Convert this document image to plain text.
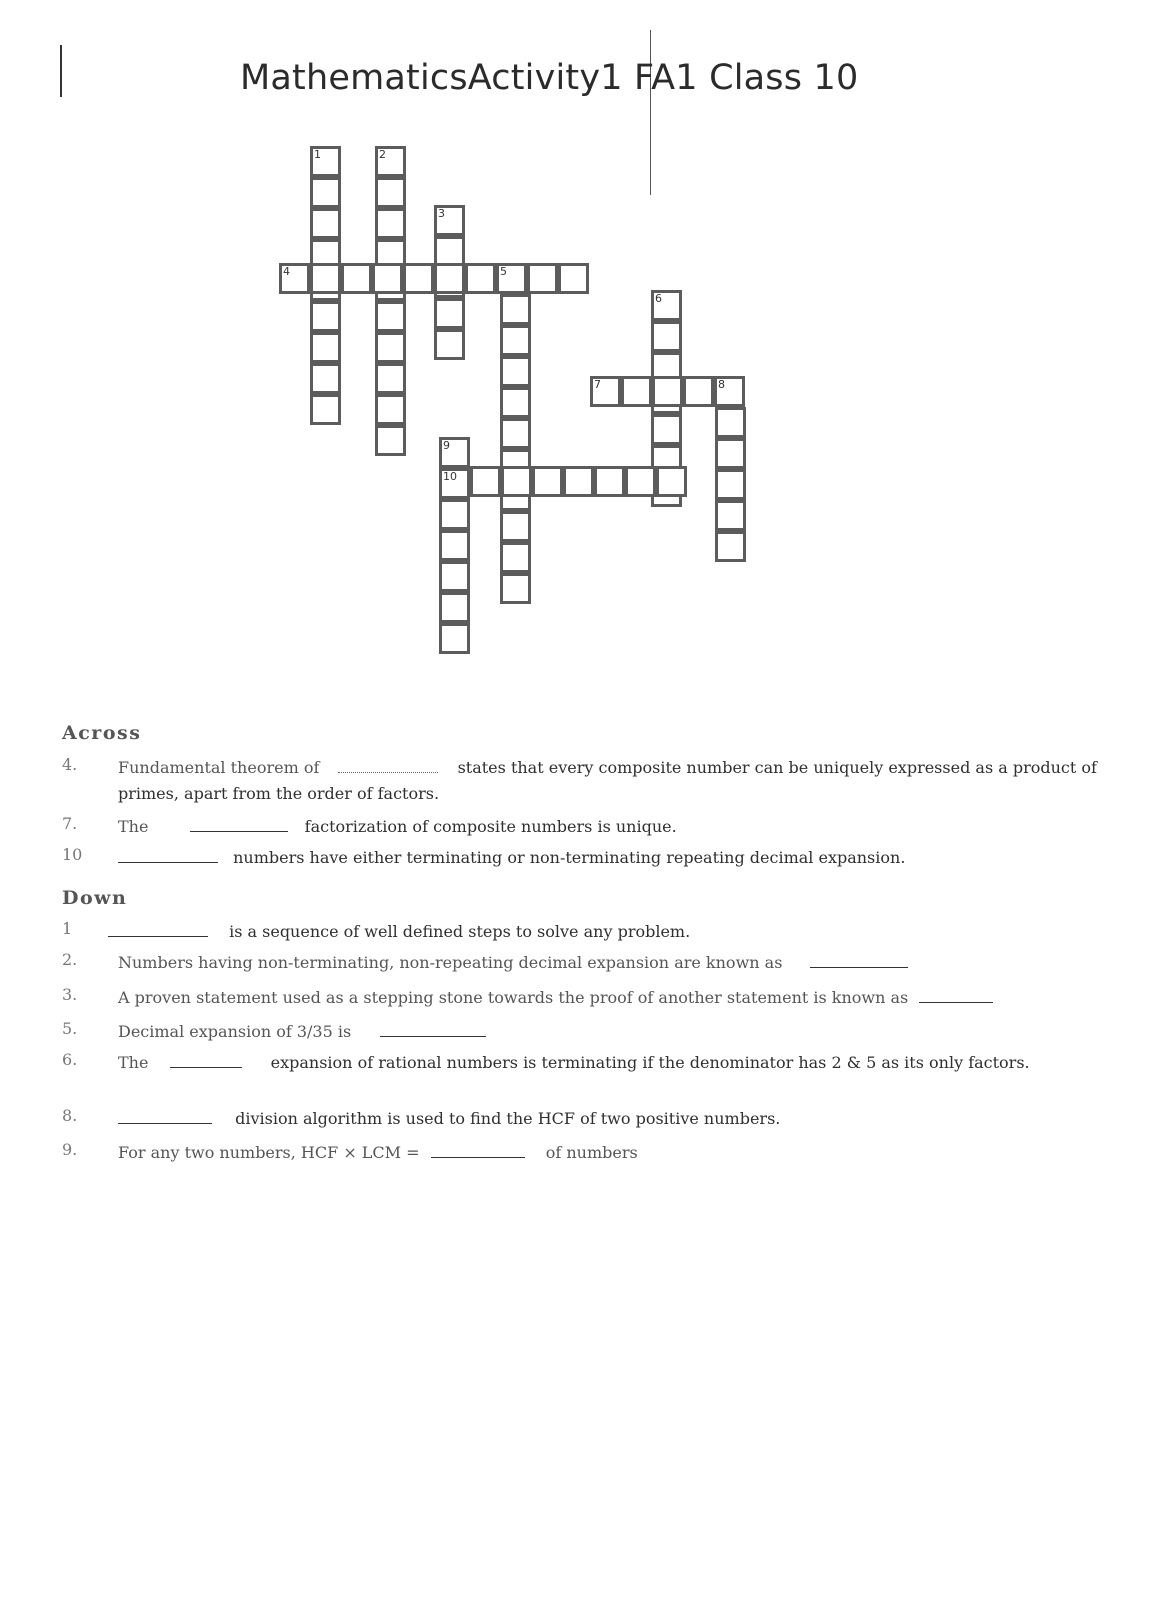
MathematicsActivity1 FA1 Class 10
1	2
3
4	5
6
7	8
9
10
Across
4.	Fundamental theorem of	states that every composite number can be uniquely expressed as a product of primes, apart from the order of factors.
7.	The	factorization of composite numbers is unique.
10	numbers have either terminating or non-terminating repeating decimal expansion.
Down
1	is a sequence of well defined steps to solve any problem.
2.	Numbers having non-terminating, non-repeating decimal expansion are known as
3.	A proven statement used as a stepping stone towards the proof of another statement is known as
5.	Decimal expansion of 3/35 is
6.	The	expansion of rational numbers is terminating if the denominator has 2 & 5 as its only factors.
8.	division algorithm is used to find the HCF of two positive numbers.
9.	For any two numbers, HCF × LCM =	of numbers
